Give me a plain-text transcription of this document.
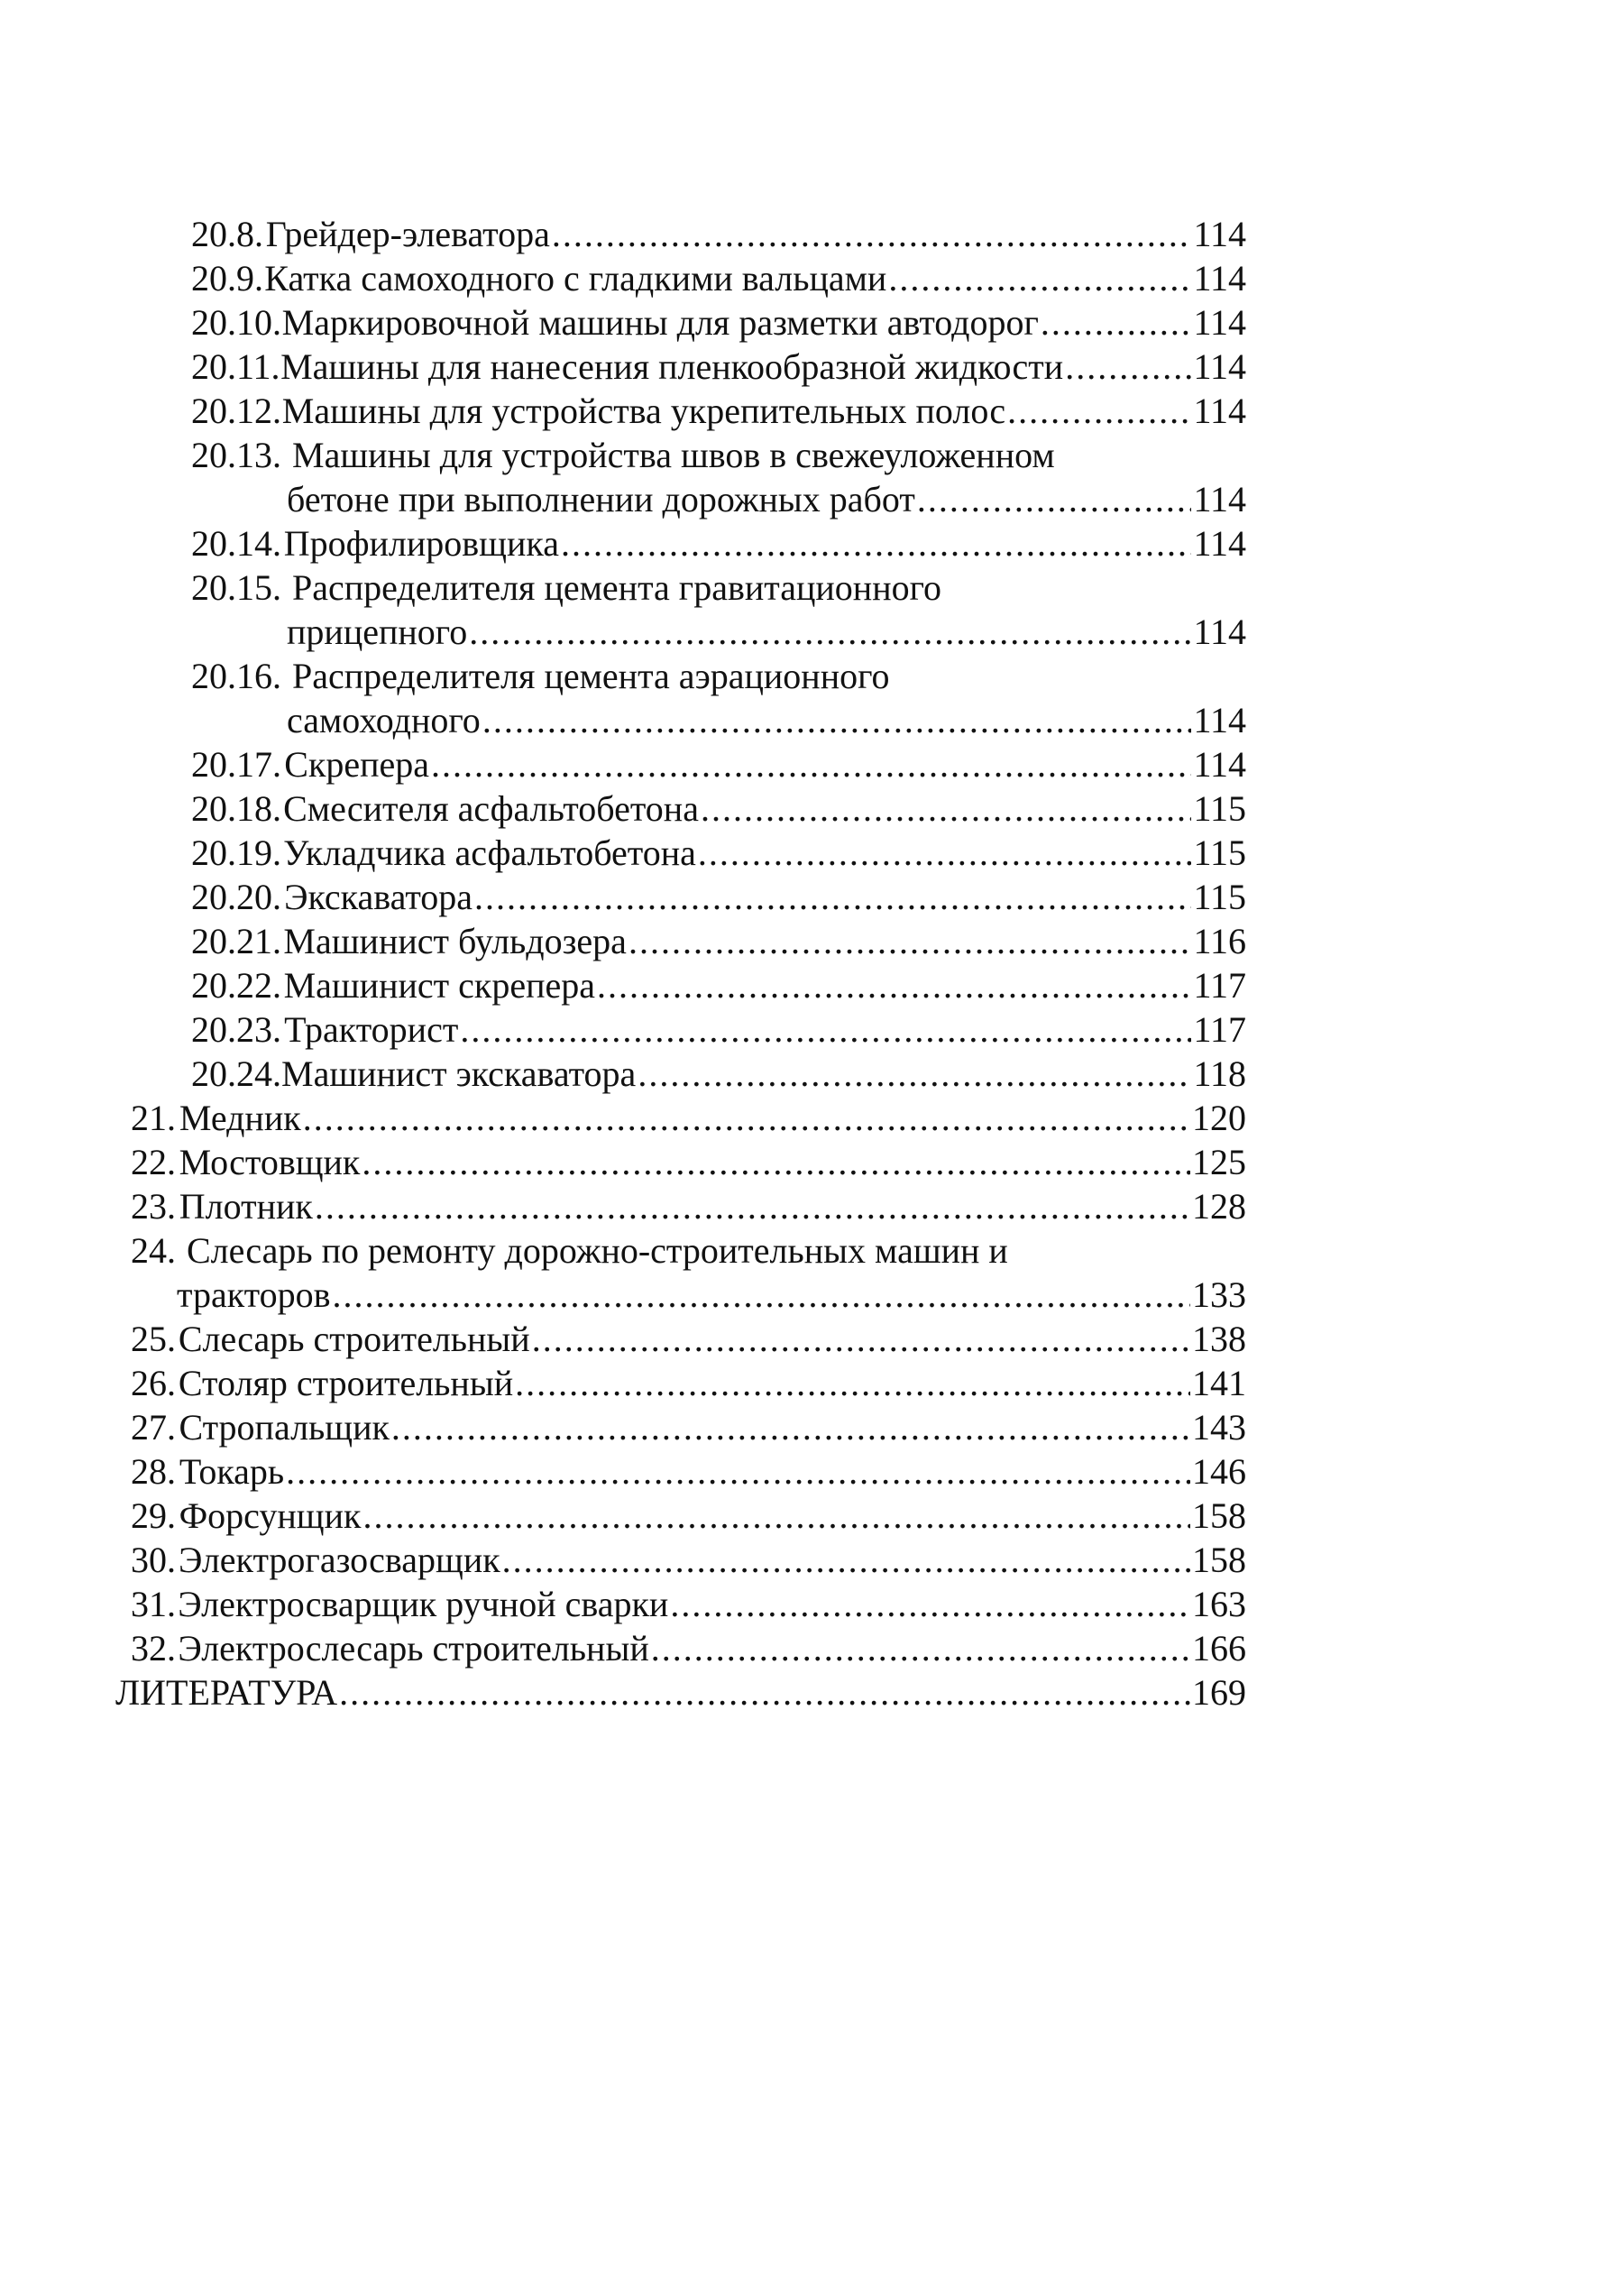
20.8. Грейдер-элеватора .....	114
20.9. Катка самоходного с гладкими вальцами .....	114
20.10. Маркировочной машины для разметки автодорог .....	114
20.11. Машины для нанесения пленкообразной жидкости .....	114
20.12. Машины для устройства укрепительных полос .....	114
20.13. Машины для устройства швов в свежеуложенном
бетоне при выполнении дорожных работ .....	114
20.14. Профилировщика .....	114
20.15. Распределителя цемента гравитационного
прицепного .....	114
20.16. Распределителя цемента аэрационного
самоходного .....	114
20.17. Скрепера .....	114
20.18. Смесителя асфальтобетона .....	115
20.19. Укладчика асфальтобетона .....	115
20.20. Экскаватора .....	115
20.21. Машинист бульдозера .....	116
20.22. Машинист скрепера .....	117
20.23. Тракторист .....	117
20.24. Машинист экскаватора .....	118
21. Медник .....	120
22. Мостовщик .....	125
23. Плотник .....	128
24. Слесарь по ремонту дорожно-строительных машин и
тракторов .....	133
25. Слесарь строительный .....	138
26. Столяр строительный .....	141
27. Стропальщик .....	143
28. Токарь .....	146
29. Форсунщик .....	158
30. Электрогазосварщик .....	158
31. Электросварщик ручной сварки .....	163
32. Электрослесарь строительный .....	166
ЛИТЕРАТУРА .....	169
